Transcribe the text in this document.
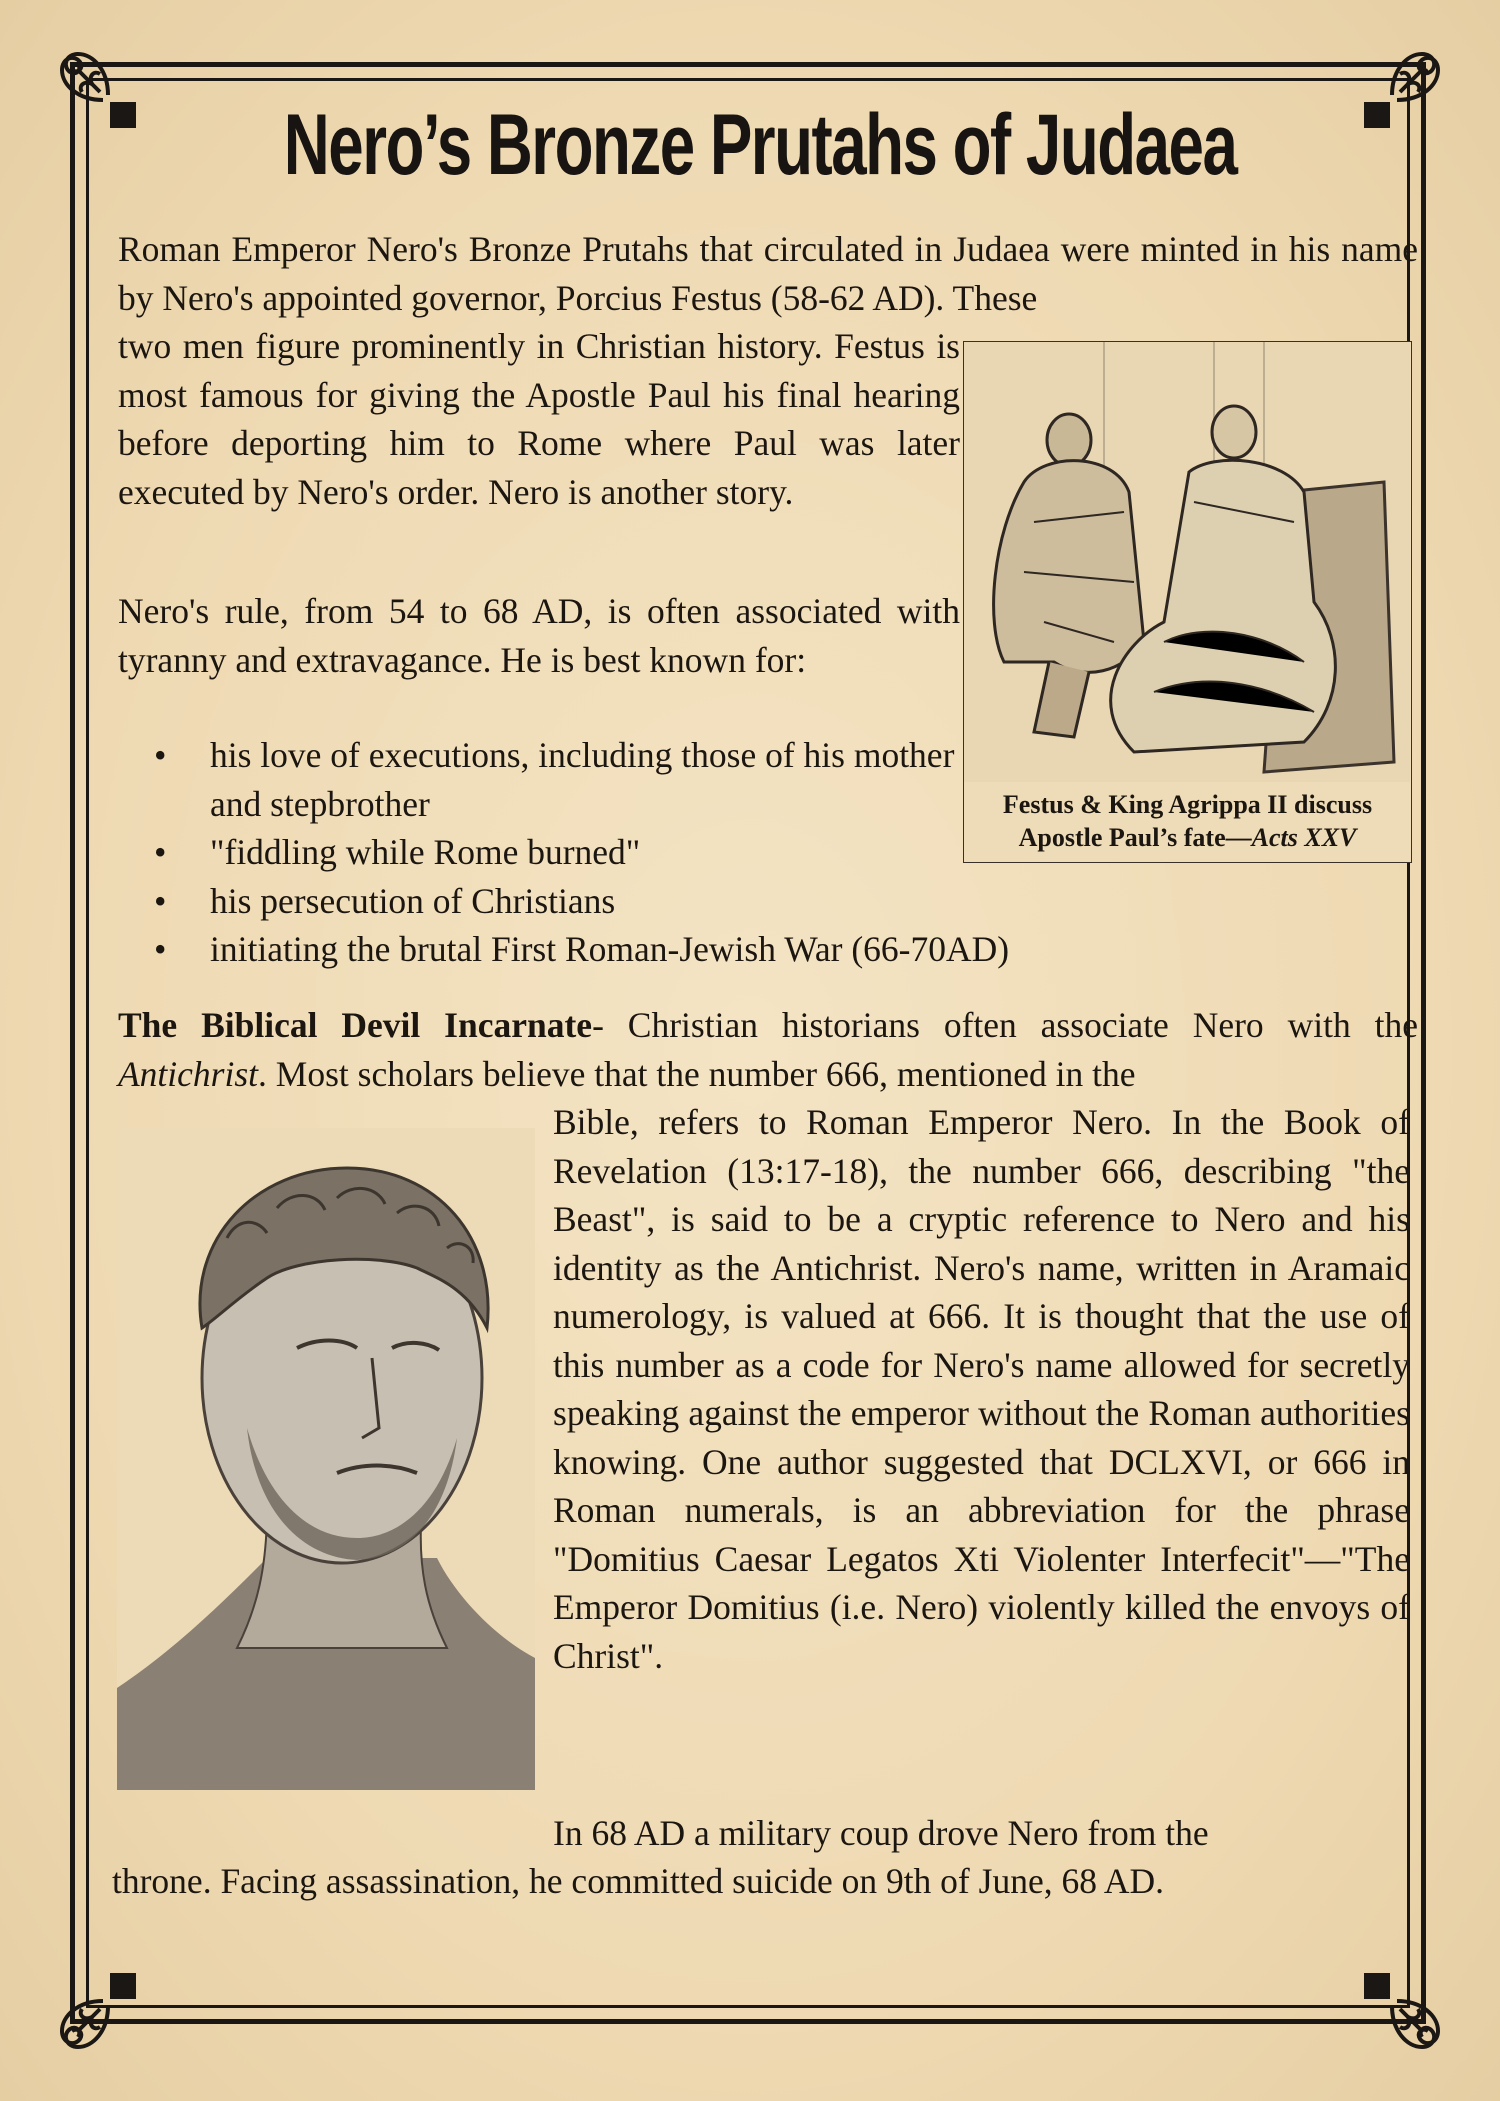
Nero’s Bronze Prutahs of Judaea

Roman Emperor Nero's Bronze Prutahs that circulated in Judaea were minted in his name by Nero's appointed governor, Porcius Festus (58-62 AD). These

two men figure prominently in Christian history. Festus is most famous for giving the Apostle Paul his final hearing before deporting him to Rome where Paul was later executed by Nero's order. Nero is another story.

Festus & King Agrippa II discuss
Apostle Paul’s fate—Acts XXV

Nero's rule, from 54 to 68 AD, is often associated with tyranny and extravagance. He is best known for:

• his love of executions, including those of his mother and stepbrother
• "fiddling while Rome burned"
• his persecution of Christians
• initiating the brutal First Roman-Jewish War (66-70AD)

The Biblical Devil Incarnate- Christian historians often associate Nero with the Antichrist. Most scholars believe that the number 666, mentioned in the

Bible, refers to Roman Emperor Nero. In the Book of Revelation (13:17-18), the number 666, describing "the Beast", is said to be a cryptic reference to Nero and his identity as the Antichrist. Nero's name, written in Aramaic numerology, is valued at 666. It is thought that the use of this number as a code for Nero's name allowed for secretly speaking against the emperor without the Roman authorities knowing. One author suggested that DCLXVI, or 666 in Roman numerals, is an abbreviation for the phrase "Domitius Caesar Legatos Xti Violenter Interfecit"—"The Emperor Domitius (i.e. Nero) violently killed the envoys of Christ".

In 68 AD a military coup drove Nero from the

throne. Facing assassination, he committed suicide on 9th of June, 68 AD.
